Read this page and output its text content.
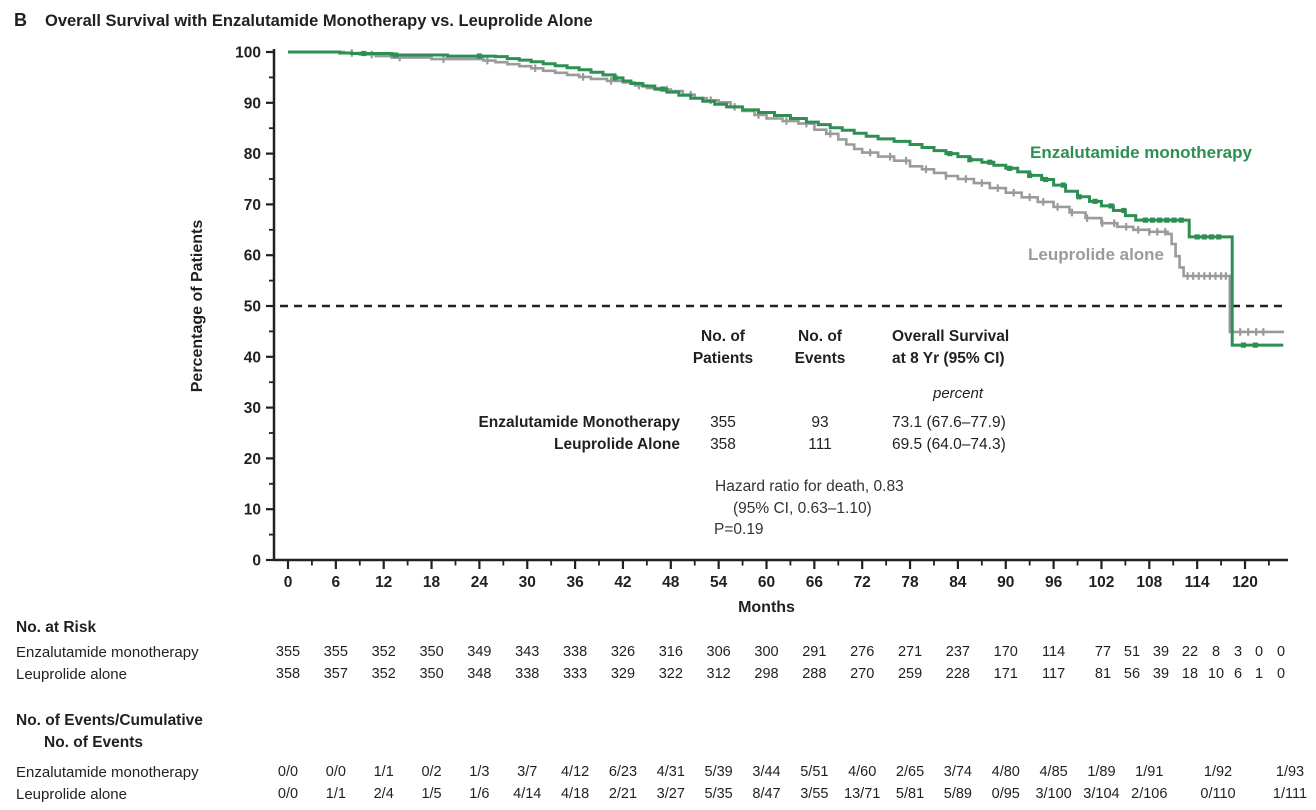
B Overall Survival with Enzalutamide Monotherapy vs. Leuprolide Alone
0
10
20
30
40
50
60
70
80
90
100
0	6 12 18 24 30 36 42 48 54 60 66 72 78 84 90 96 102 108 114 120
Months
Percentage of Patients
Enzalutamide monotherapy
Leuprolide alone
No. of
Patients
No. of
Events
Overall Survival
at 8 Yr (95% CI)
percent
Enzalutamide Monotherapy 355	93	73.1 (67.6–77.9)
Leuprolide Alone 358	111	69.5 (64.0–74.3)
Hazard ratio for death, 0.83
(95% CI, 0.63–1.10)
P=0.19
No. at Risk
Enzalutamide monotherapy
Leuprolide alone
355 355 352 350 349 343 338 326 316 306 300 291 276 271 237 170 114 77 51 39 22 8 3 0 0
358 357 352 350 348 338 333 329 322 312 298 288 270 259 228 171 117 81 56 39 18 10 6 1 0
No. of Events/Cumulative
No. of Events
Enzalutamide monotherapy
Leuprolide alone
0/0 0/0 1/1 0/2 1/3 3/7 4/12 6/23 4/31 5/39 3/44 5/51 4/60 2/65 3/74 4/80 4/85 1/89 1/91	1/92	1/93
0/0 1/1 2/4 1/5 1/6 4/14 4/18 2/21 3/27 5/35 8/47 3/55 13/71 5/81 5/89 0/95 3/100 3/104 2/106 0/110	1/111
